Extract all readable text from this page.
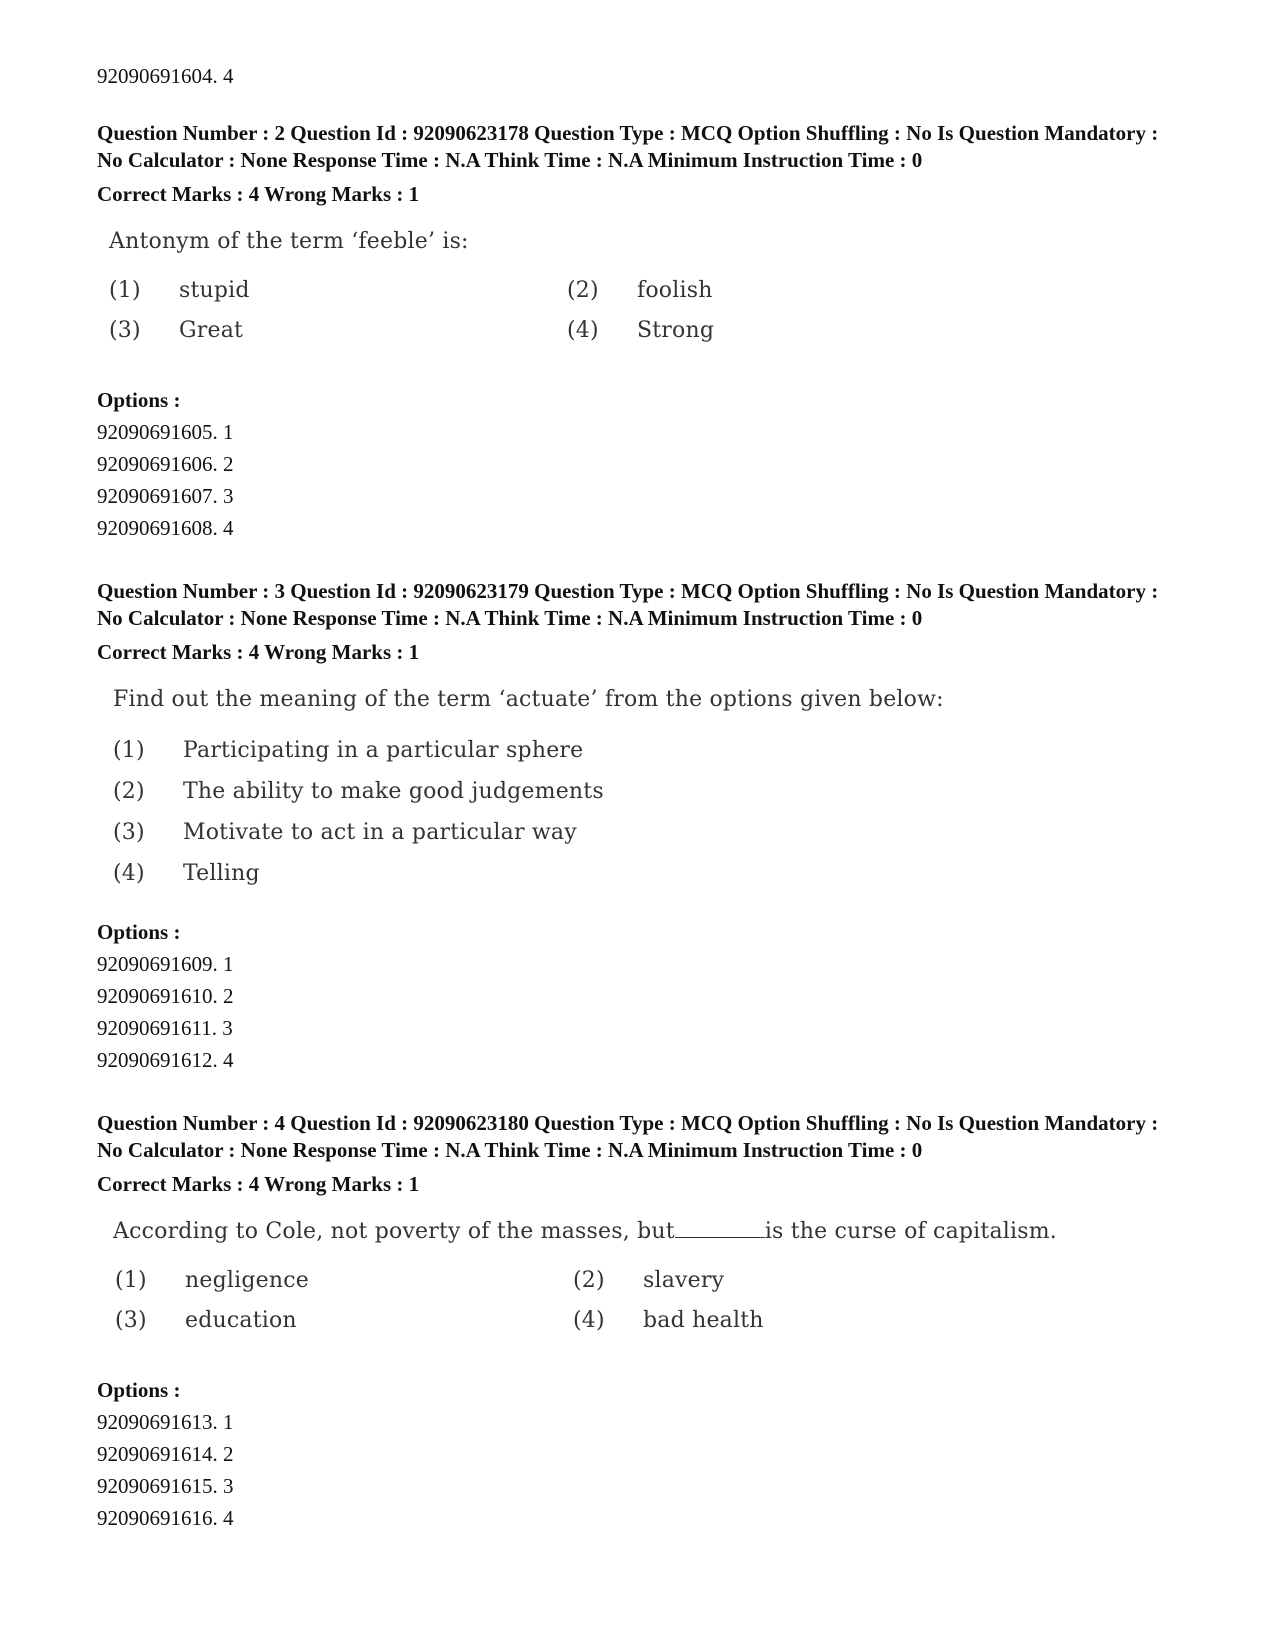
92090691604. 4
Question Number : 2 Question Id : 92090623178 Question Type : MCQ Option Shuffling : No Is Question Mandatory : No Calculator : None Response Time : N.A Think Time : N.A Minimum Instruction Time : 0
Correct Marks : 4 Wrong Marks : 1
Antonym of the term ‘feeble’ is:
(1)	stupid	(2)	foolish
(3)	Great	(4)	Strong
Options :
92090691605. 1
92090691606. 2
92090691607. 3
92090691608. 4
Question Number : 3 Question Id : 92090623179 Question Type : MCQ Option Shuffling : No Is Question Mandatory : No Calculator : None Response Time : N.A Think Time : N.A Minimum Instruction Time : 0
Correct Marks : 4 Wrong Marks : 1
Find out the meaning of the term ‘actuate’ from the options given below:
(1)	Participating in a particular sphere
(2)	The ability to make good judgements
(3)	Motivate to act in a particular way
(4)	Telling
Options :
92090691609. 1
92090691610. 2
92090691611. 3
92090691612. 4
Question Number : 4 Question Id : 92090623180 Question Type : MCQ Option Shuffling : No Is Question Mandatory : No Calculator : None Response Time : N.A Think Time : N.A Minimum Instruction Time : 0
Correct Marks : 4 Wrong Marks : 1
According to Cole, not poverty of the masses, but	is the curse of capitalism.
(1)	negligence	(2)	slavery
(3)	education	(4)	bad health
Options :
92090691613. 1
92090691614. 2
92090691615. 3
92090691616. 4
